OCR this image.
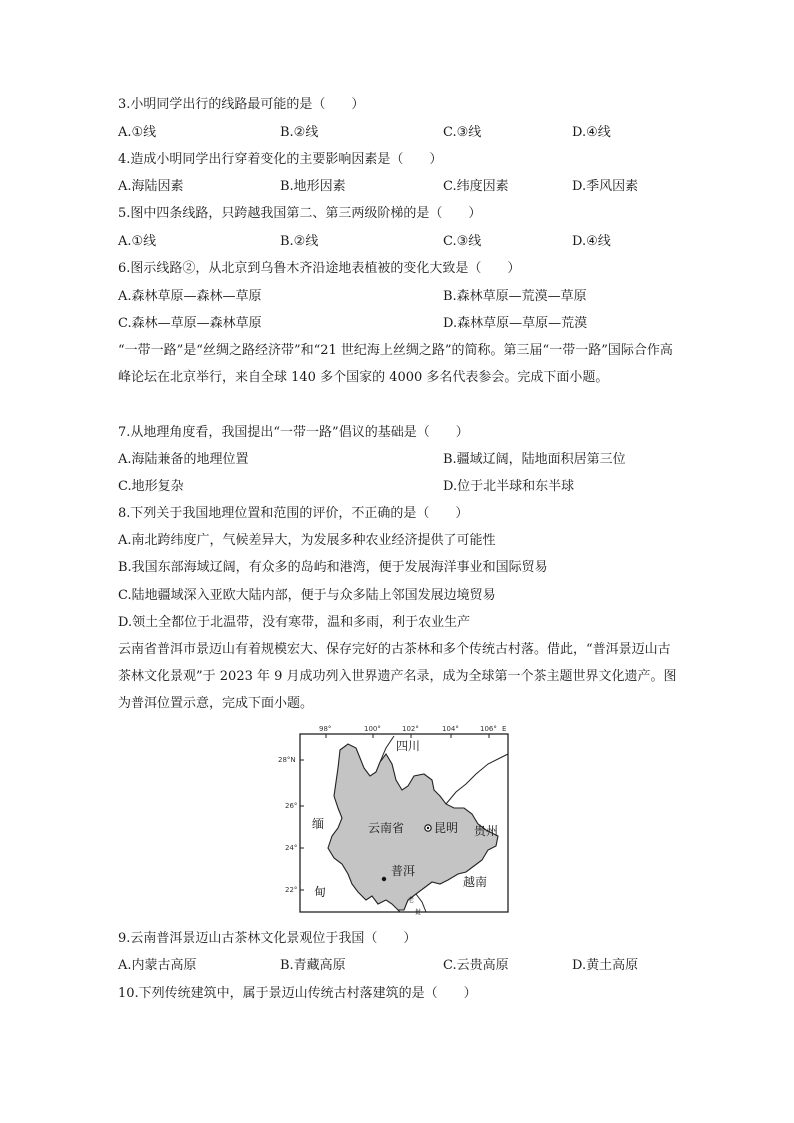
3.小明同学出行的线路最可能的是（　　）
A.①线	B.②线	C.③线	D.④线
4.造成小明同学出行穿着变化的主要影响因素是（　　）
A.海陆因素	B.地形因素	C.纬度因素	D.季风因素
5.图中四条线路，只跨越我国第二、第三两级阶梯的是（　　）
A.①线	B.②线	C.③线	D.④线
6.图示线路②，从北京到乌鲁木齐沿途地表植被的变化大致是（　　）
A.森林草原—森林—草原	B.森林草原—荒漠—草原
C.森林—草原—森林草原	D.森林草原—草原—荒漠
“一带一路”是“丝绸之路经济带”和“21 世纪海上丝绸之路”的简称。第三届“一带一路”国际合作高峰论坛在北京举行，来自全球 140 多个国家的 4000 多名代表参会。完成下面小题。
7.从地理角度看，我国提出“一带一路”倡议的基础是（　　）
A.海陆兼备的地理位置	B.疆域辽阔，陆地面积居第三位
C.地形复杂	D.位于北半球和东半球
8.下列关于我国地理位置和范围的评价，不正确的是（　　）
A.南北跨纬度广，气候差异大，为发展多种农业经济提供了可能性
B.我国东部海域辽阔，有众多的岛屿和港湾，便于发展海洋事业和国际贸易
C.陆地疆域深入亚欧大陆内部，便于与众多陆上邻国发展边境贸易
D.领土全都位于北温带，没有寒带，温和多雨，利于农业生产
云南省普洱市景迈山有着规模宏大、保存完好的古茶林和多个传统古村落。借此，“普洱景迈山古茶林文化景观”于 2023 年 9 月成功列入世界遗产名录，成为全球第一个茶主题世界文化遗产。图为普洱位置示意，完成下面小题。
98°	100°	102°	104°	106° E
28°N
26°
24°
22°
四川
缅
甸
云南省 昆明 贵州
普洱
越南
老
挝
9.云南普洱景迈山古茶林文化景观位于我国（　　）
A.内蒙古高原	B.青藏高原	C.云贵高原	D.黄土高原
10.下列传统建筑中，属于景迈山传统古村落建筑的是（　　）
